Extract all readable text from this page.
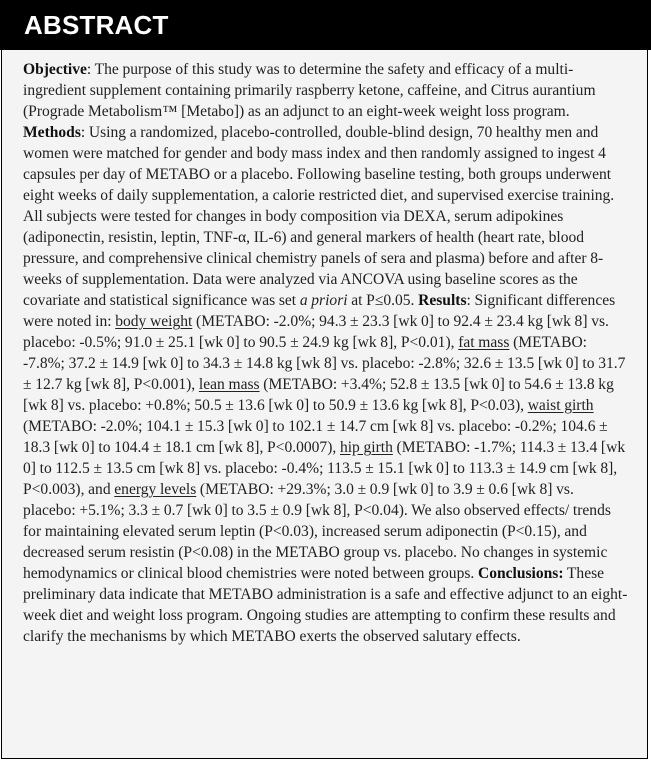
ABSTRACT

Objective: The purpose of this study was to determine the safety and efficacy of a multi-ingredient supplement containing primarily raspberry ketone, caffeine, and Citrus aurantium (Prograde Metabolism™ [Metabo]) as an adjunct to an eight-week weight loss program. Methods: Using a randomized, placebo-controlled, double-blind design, 70 healthy men and women were matched for gender and body mass index and then randomly assigned to ingest 4 capsules per day of METABO or a placebo. Following baseline testing, both groups underwent eight weeks of daily supplementation, a calorie restricted diet, and supervised exercise training. All subjects were tested for changes in body composition via DEXA, serum adipokines (adiponectin, resistin, leptin, TNF-α, IL-6) and general markers of health (heart rate, blood pressure, and comprehensive clinical chemistry panels of sera and plasma) before and after 8-weeks of supplementation. Data were analyzed via ANCOVA using baseline scores as the covariate and statistical significance was set a priori at P≤0.05. Results: Significant differences were noted in: body weight (METABO: -2.0%; 94.3 ± 23.3 [wk 0] to 92.4 ± 23.4 kg [wk 8] vs. placebo: -0.5%; 91.0 ± 25.1 [wk 0] to 90.5 ± 24.9 kg [wk 8], P<0.01), fat mass (METABO: -7.8%; 37.2 ± 14.9 [wk 0] to 34.3 ± 14.8 kg [wk 8] vs. placebo: -2.8%; 32.6 ± 13.5 [wk 0] to 31.7 ± 12.7 kg [wk 8], P<0.001), lean mass (METABO: +3.4%; 52.8 ± 13.5 [wk 0] to 54.6 ± 13.8 kg [wk 8] vs. placebo: +0.8%; 50.5 ± 13.6 [wk 0] to 50.9 ± 13.6 kg [wk 8], P<0.03), waist girth (METABO: -2.0%; 104.1 ± 15.3 [wk 0] to 102.1 ± 14.7 cm [wk 8] vs. placebo: -0.2%; 104.6 ± 18.3 [wk 0] to 104.4 ± 18.1 cm [wk 8], P<0.0007), hip girth (METABO: -1.7%; 114.3 ± 13.4 [wk 0] to 112.5 ± 13.5 cm [wk 8] vs. placebo: -0.4%; 113.5 ± 15.1 [wk 0] to 113.3 ± 14.9 cm [wk 8], P<0.003), and energy levels (METABO: +29.3%; 3.0 ± 0.9 [wk 0] to 3.9 ± 0.6 [wk 8] vs. placebo: +5.1%; 3.3 ± 0.7 [wk 0] to 3.5 ± 0.9 [wk 8], P<0.04). We also observed effects/ trends for maintaining elevated serum leptin (P<0.03), increased serum adiponectin (P<0.15), and decreased serum resistin (P<0.08) in the METABO group vs. placebo. No changes in systemic hemodynamics or clinical blood chemistries were noted between groups. Conclusions: These preliminary data indicate that METABO administration is a safe and effective adjunct to an eight-week diet and weight loss program. Ongoing studies are attempting to confirm these results and clarify the mechanisms by which METABO exerts the observed salutary effects.
